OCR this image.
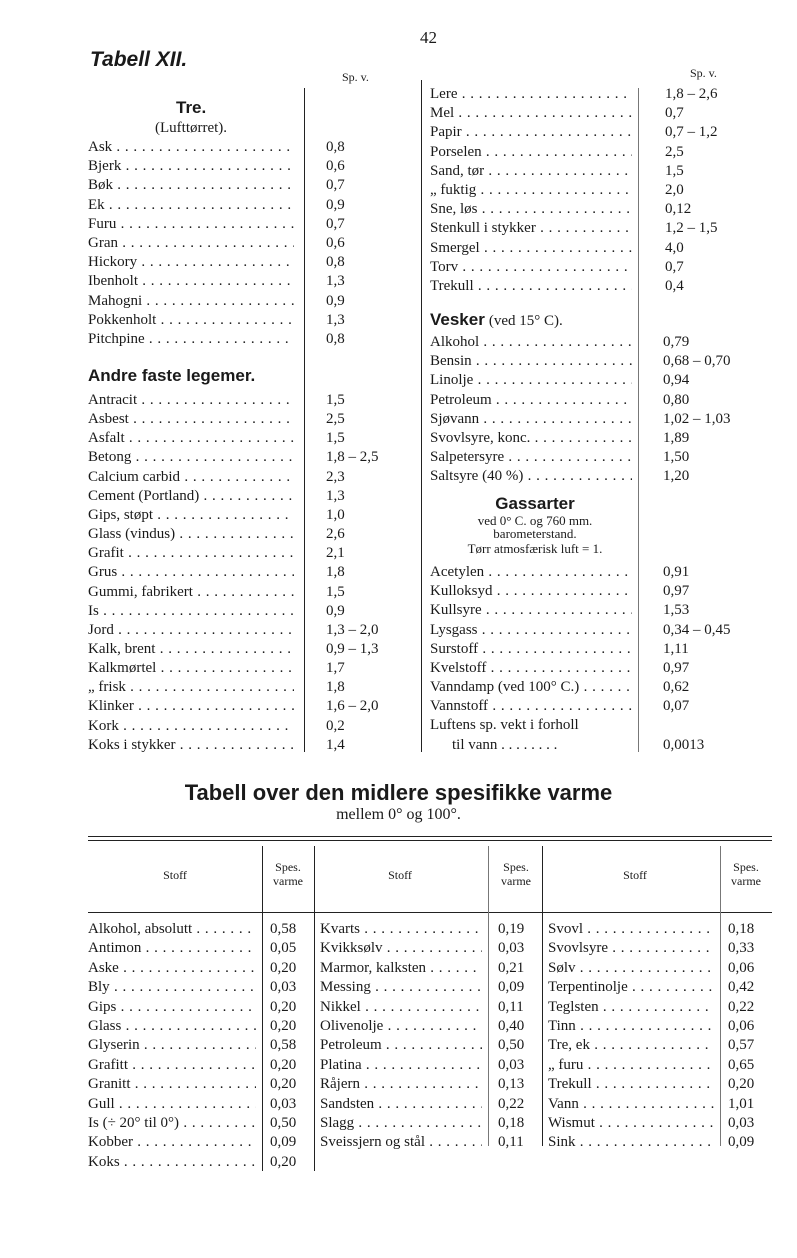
42
Tabell XII.
Sp. v.	Sp. v.
Tre.
(Lufttørret).
Ask . . .	0,8
Bjerk . . .	0,6
Bøk . . .	0,7
Ek . . .	0,9
Furu . . .	0,7
Gran . . .	0,6
Hickory . . .	0,8
Ibenholt . . .	1,3
Mahogni . . .	0,9
Pokkenholt . . .	1,3
Pitchpine . . .	0,8
Andre faste legemer.
Antracit . . .	1,5
Asbest . . .	2,5
Asfalt . . .	1,5
Betong . . .	1,8 – 2,5
Calcium carbid . . .	2,3
Cement (Portland) . . .	1,3
Gips, støpt . . .	1,0
Glass (vindus) . . .	2,6
Grafit . . .	2,1
Grus . . .	1,8
Gummi, fabrikert . . .	1,5
Is . . .	0,9
Jord . . .	1,3 – 2,0
Kalk, brent . . .	0,9 – 1,3
Kalkmørtel . . .	1,7
„ frisk . . .	1,8
Klinker . . .	1,6 – 2,0
Kork . . .	0,2
Koks i stykker . . .	1,4
Lere . . .	1,8 – 2,6
Mel . . .	0,7
Papir . . .	0,7 – 1,2
Porselen . . .	2,5
Sand, tør . . .	1,5
„ fuktig . . .	2,0
Sne, løs . . .	0,12
Stenkull i stykker . . .	1,2 – 1,5
Smergel . . .	4,0
Torv . . .	0,7
Trekull . . .	0,4
Vesker (ved 15° C).
Alkohol . . .	0,79
Bensin . . .	0,68 – 0,70
Linolje . . .	0,94
Petroleum . . .	0,80
Sjøvann . . .	1,02 – 1,03
Svovlsyre, konc. . . .	1,89
Salpetersyre . . .	1,50
Saltsyre (40 %) . . .	1,20
Gassarter
ved 0° C. og 760 mm.
barometerstand.
Tørr atmosfærisk luft = 1.
Acetylen . . .	0,91
Kulloksyd . . .	0,97
Kullsyre . . .	1,53
Lysgass . . .	0,34 – 0,45
Surstoff . . .	1,11
Kvelstoff . . .	0,97
Vanndamp (ved 100° C.) . . .	0,62
Vannstoff . . .	0,07
Luftens sp. vekt i forholl
til vann . . . . . . . .	0,0013
Tabell over den midlere spesifikke varme
mellem 0° og 100°.
Stoff
Spes.
varme	Stoff
Spes.
varme	Stoff
Spes.
varme
Alkohol, absolutt . . .	0,58
Antimon . . .	0,05
Aske . . .	0,20
Bly . . .	0,03
Gips . . .	0,20
Glass . . .	0,20
Glyserin . . .	0,58
Grafitt . . .	0,20
Granitt . . .	0,20
Gull . . .	0,03
Is (÷ 20° til 0°) . . .	0,50
Kobber . . .	0,09
Koks . . .	0,20
Kvarts . . .	0,19
Kvikksølv . . .	0,03
Marmor, kalksten . . .	0,21
Messing . . .	0,09
Nikkel . . .	0,11
Olivenolje . . .	0,40
Petroleum . . .	0,50
Platina . . .	0,03
Råjern . . .	0,13
Sandsten . . .	0,22
Slagg . . .	0,18
Sveissjern og stål . . .	0,11
Svovl . . .	0,18
Svovlsyre . . .	0,33
Sølv . . .	0,06
Terpentinolje . . .	0,42
Teglsten . . .	0,22
Tinn . . .	0,06
Tre, ek . . .	0,57
„ furu . . .	0,65
Trekull . . .	0,20
Vann . . .	1,01
Wismut . . .	0,03
Sink . . .	0,09
